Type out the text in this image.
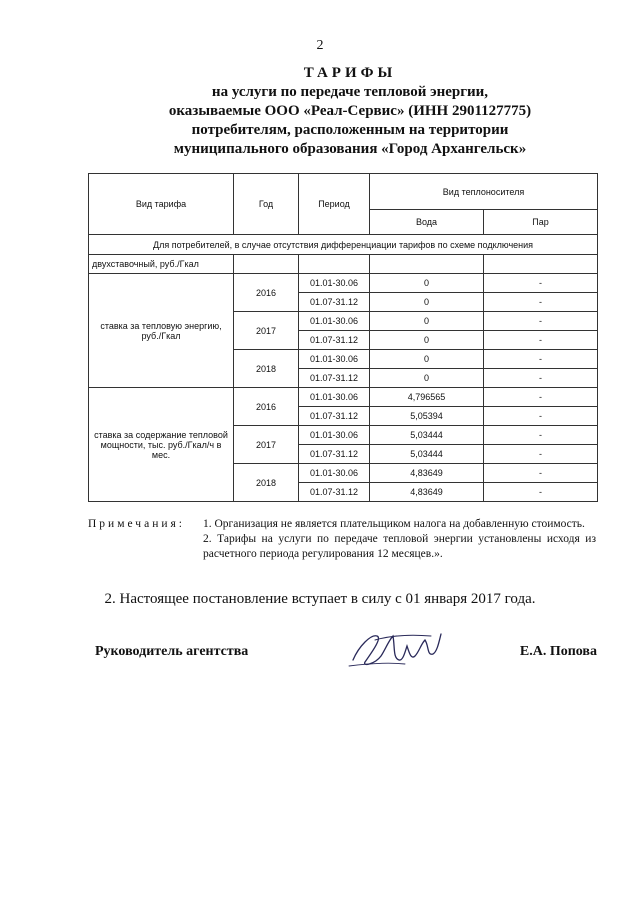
2
ТАРИФЫ
на услуги по передаче тепловой энергии,
оказываемые ООО «Реал-Сервис» (ИНН 2901127775)
потребителям, расположенным на территории
муниципального образования «Город Архангельск»
Вид тарифа	Год	Период	Вид теплоносителя	
			Вода	Пар
Для потребителей, в случае отсутствия дифференциации тарифов по схеме подключения				
двухставочный, руб./Гкал				
ставка за тепловую энергию, руб./Гкал	2016	01.01-30.06	0	-
		01.07-31.12	0	-
	2017	01.01-30.06	0	-
		01.07-31.12	0	-
	2018	01.01-30.06	0	-
		01.07-31.12	0	-
ставка за содержание тепловой мощности, тыс. руб./Гкал/ч в мес.	2016	01.01-30.06	4,796565	-
		01.07-31.12	5,05394	-
	2017	01.01-30.06	5,03444	-
		01.07-31.12	5,03444	-
	2018	01.01-30.06	4,83649	-
		01.07-31.12	4,83649	-
Примечания: 1. Организация не является плательщиком налога на добавленную стоимость.
2. Тарифы на услуги по передаче тепловой энергии установлены исходя из расчетного периода регулирования 12 месяцев.».
2. Настоящее постановление вступает в силу с 01 января 2017 года.
Руководитель агентства	Е.А. Попова
